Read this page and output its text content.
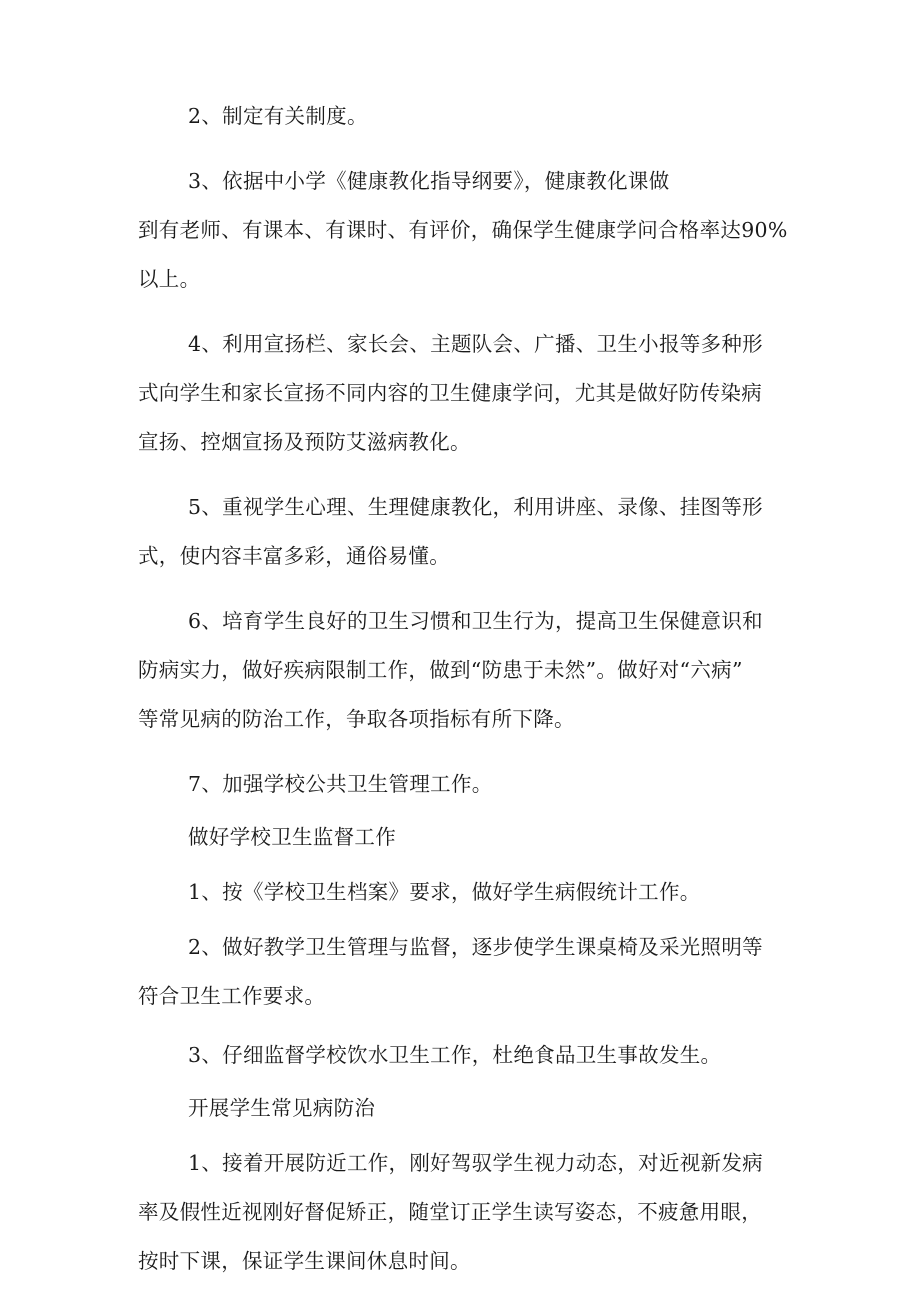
2、制定有关制度。

3、依据中小学《健康教化指导纲要》，健康教化课做

到有老师、有课本、有课时、有评价，确保学生健康学问合格率达90%

以上。

4、利用宣扬栏、家长会、主题队会、广播、卫生小报等多种形

式向学生和家长宣扬不同内容的卫生健康学问，尤其是做好防传染病

宣扬、控烟宣扬及预防艾滋病教化。

5、重视学生心理、生理健康教化，利用讲座、录像、挂图等形

式，使内容丰富多彩，通俗易懂。

6、培育学生良好的卫生习惯和卫生行为，提高卫生保健意识和

防病实力，做好疾病限制工作，做到“防患于未然”。做好对“六病”

等常见病的防治工作，争取各项指标有所下降。

7、加强学校公共卫生管理工作。

做好学校卫生监督工作

1、按《学校卫生档案》要求，做好学生病假统计工作。

2、做好教学卫生管理与监督，逐步使学生课桌椅及采光照明等

符合卫生工作要求。

3、仔细监督学校饮水卫生工作，杜绝食品卫生事故发生。

开展学生常见病防治

1、接着开展防近工作，刚好驾驭学生视力动态，对近视新发病

率及假性近视刚好督促矫正，随堂订正学生读写姿态，不疲惫用眼，

按时下课，保证学生课间休息时间。
